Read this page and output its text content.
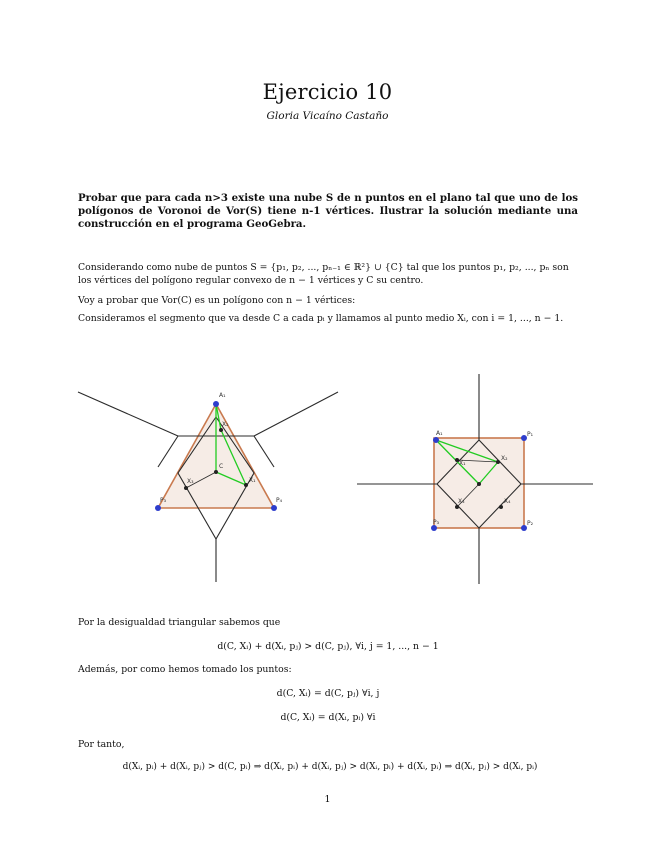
Ejercicio 10
Gloria Vicaíno Castaño
Probar que para cada n>3 existe una nube S de n puntos en el plano tal que uno de los polígonos de Voronoi de Vor(S) tiene n-1 vértices. Ilustrar la solución mediante una construcción en el programa GeoGebra.
Considerando como nube de puntos S = {p₁, p₂, ..., pₙ₋₁ ∈ ℝ²} ∪ {C} tal que los puntos p₁, p₂, ..., pₙ son los vértices del polígono regular convexo de n − 1 vértices y C su centro.
Voy a probar que Vor(C) es un polígono con n − 1 vértices:
Consideramos el segmento que va desde C a cada pᵢ y llamamos al punto medio Xᵢ, con i = 1, ..., n − 1.
A₁
X₂
C
X₁
X₃
P₃	P₄
A₁	P₁
P₃	P₂
X₁
X₂
X₃	X₄
Por la desigualdad triangular sabemos que
d(C, Xᵢ) + d(Xᵢ, pⱼ) > d(C, pⱼ), ∀i, j = 1, ..., n − 1
Además, por como hemos tomado los puntos:
d(C, Xᵢ) = d(C, pⱼ) ∀i, j
d(C, Xᵢ) = d(Xᵢ, pᵢ) ∀i
Por tanto,
d(Xᵢ, pᵢ) + d(Xᵢ, pⱼ) > d(C, pᵢ) ⇒ d(Xᵢ, pᵢ) + d(Xᵢ, pⱼ) > d(Xᵢ, pᵢ) + d(Xᵢ, pᵢ) ⇒ d(Xᵢ, pⱼ) > d(Xᵢ, pᵢ)
1
